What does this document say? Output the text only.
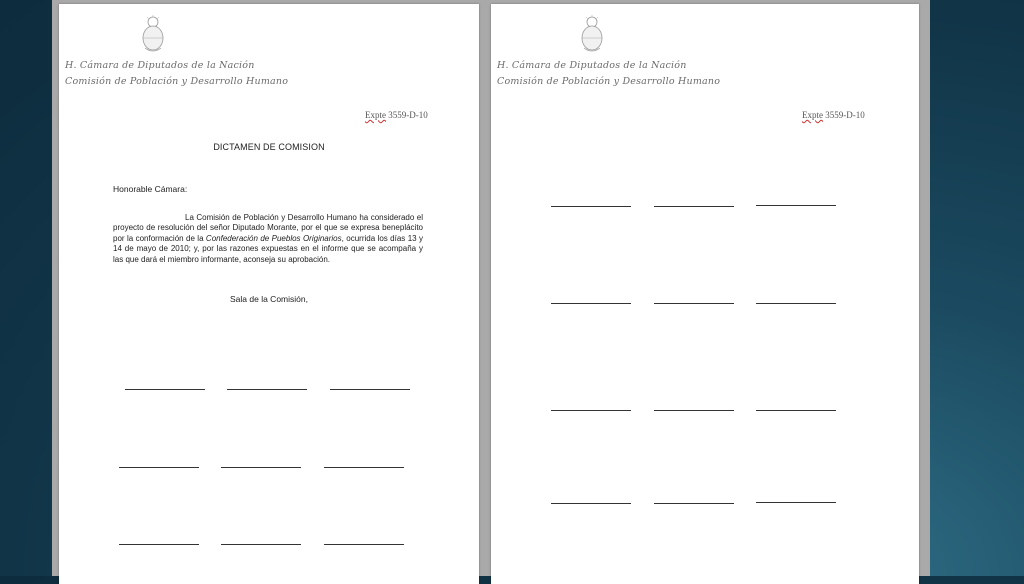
H. Cámara de Diputados de la Nación
Comisión de Población y Desarrollo Humano
Expte 3559-D-10
DICTAMEN DE COMISION
Honorable Cámara:
La Comisión de Población y Desarrollo Humano ha considerado el proyecto de resolución del señor Diputado Morante, por el que se expresa beneplácito por la conformación de la Confederación de Pueblos Originarios, ocurrida los días 13 y 14 de mayo de 2010; y, por las razones expuestas en el informe que se acompaña y las que dará el miembro informante, aconseja su aprobación.
Sala de la Comisión,
H. Cámara de Diputados de la Nación
Comisión de Población y Desarrollo Humano
Expte 3559-D-10
